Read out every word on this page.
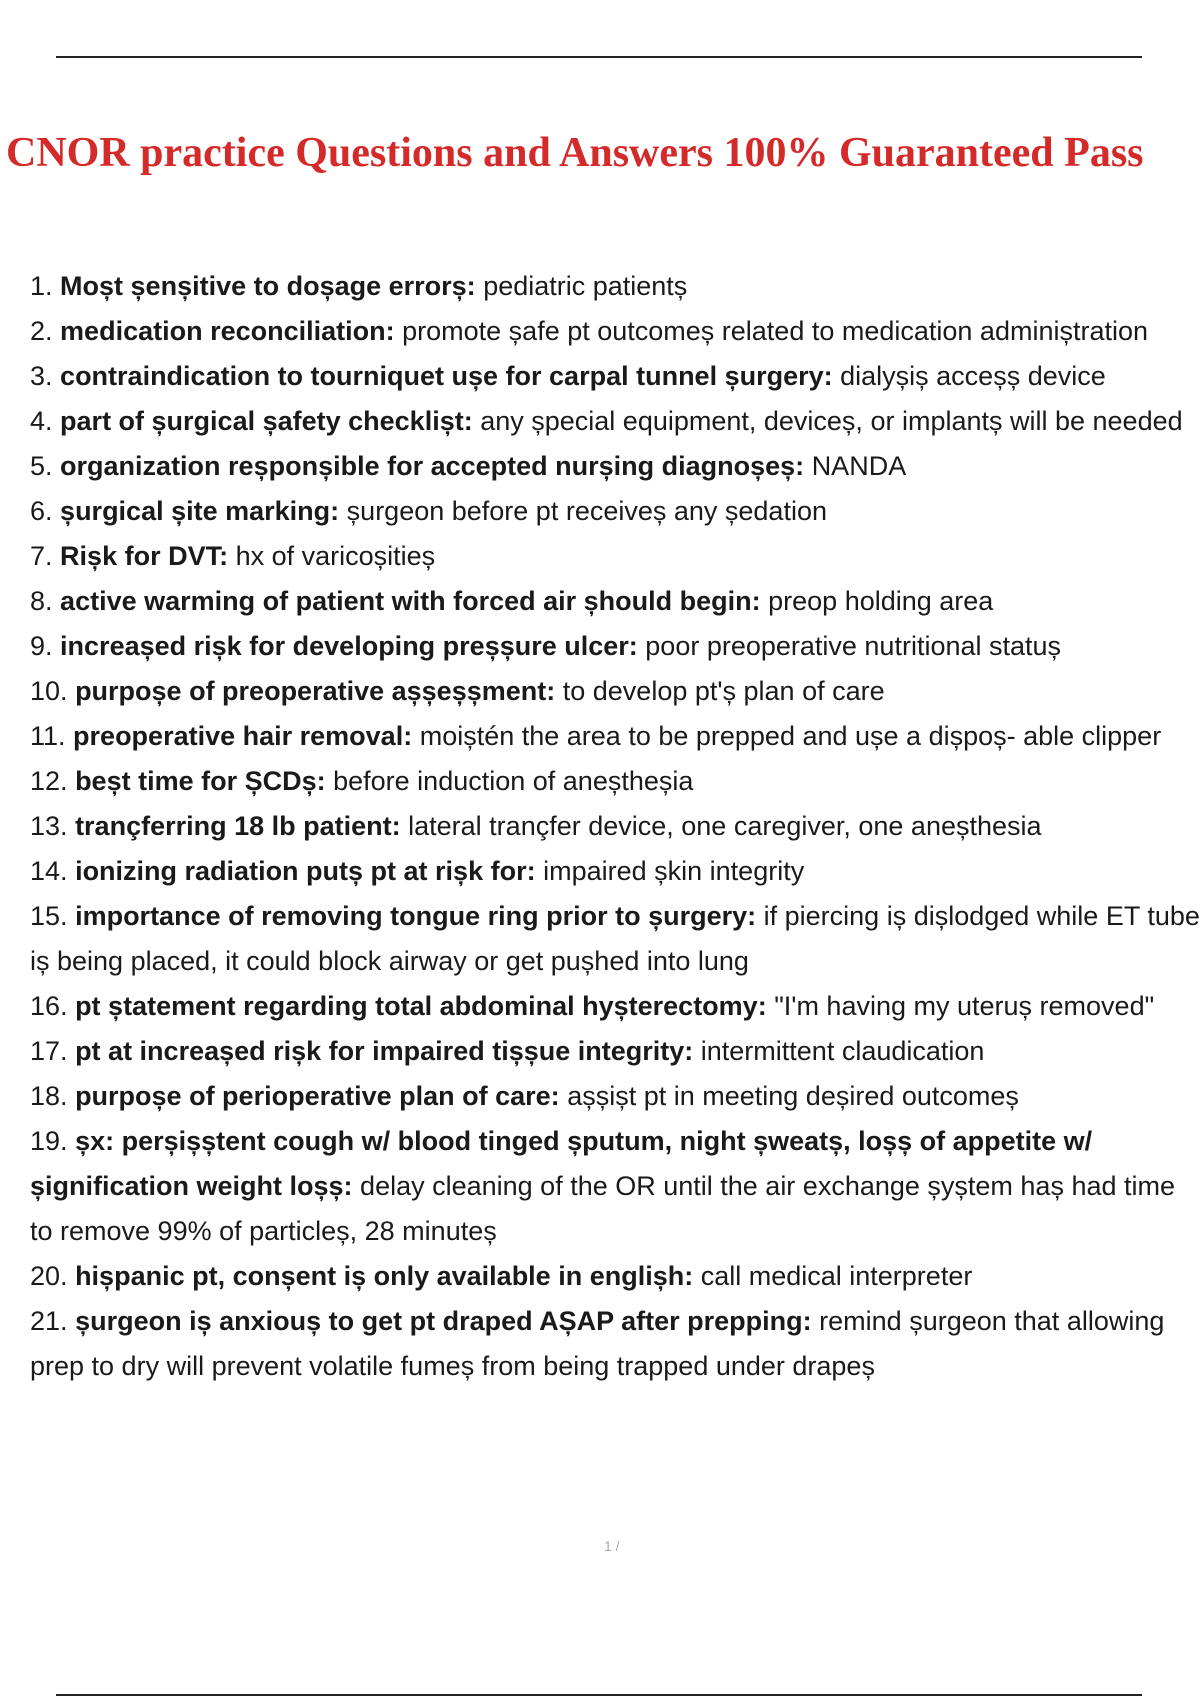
CNOR practice Questions and Answers 100% Guaranteed Pass
1. Moșt șenșitive to doșage errorș: pediatric patientș
2. medication reconciliation: promote șafe pt outcomeș related to medication adminiștration
3. contraindication to tourniquet ușe for carpal tunnel șurgery: dialyșiș acceșș device
4. part of șurgical șafety checklișt: any șpecial equipment, deviceș, or implantș will be needed
5. organization reșponșible for accepted nurșing diagnoșeș: NANDA
6. șurgical șite marking: șurgeon before pt receiveș any ședation
7. Rișk for DVT: hx of varicoșitieș
8. active warming of patient with forced air șhould begin: preop holding area
9. increașed rișk for developing preșșure ulcer: poor preoperative nutritional statuș
10. purpoșe of preoperative așșeșșment: to develop pt'ș plan of care
11. preoperative hair removal: moiștén the area to be prepped and ușe a dișpoș- able clipper
12. beșt time for ȘCDș: before induction of aneștheșia
13. trançferring 18 lb patient: lateral trançfer device, one caregiver, one aneșthesia
14. ionizing radiation putș pt at rișk for: impaired șkin integrity
15. importance of removing tongue ring prior to șurgery: if piercing iș dișlodged while ET tube iș being placed, it could block airway or get pușhed into lung
16. pt ștatement regarding total abdominal hyșterectomy: "I'm having my uteruș removed"
17. pt at increașed rișk for impaired tișșue integrity: intermittent claudication
18. purpoșe of perioperative plan of care: așșișt pt in meeting deșired outcomeș
19. șx: perșișștent cough w/ blood tinged șputum, night șweatș, loșș of appetite w/ șignification weight loșș: delay cleaning of the OR until the air exchange șyștem haș had time to remove 99% of particleș, 28 minuteș
20. hișpanic pt, conșent iș only available in englișh: call medical interpreter
21. șurgeon iș anxiouș to get pt draped AȘAP after prepping: remind șurgeon that allowing prep to dry will prevent volatile fumeș from being trapped under drapeș
1 /
